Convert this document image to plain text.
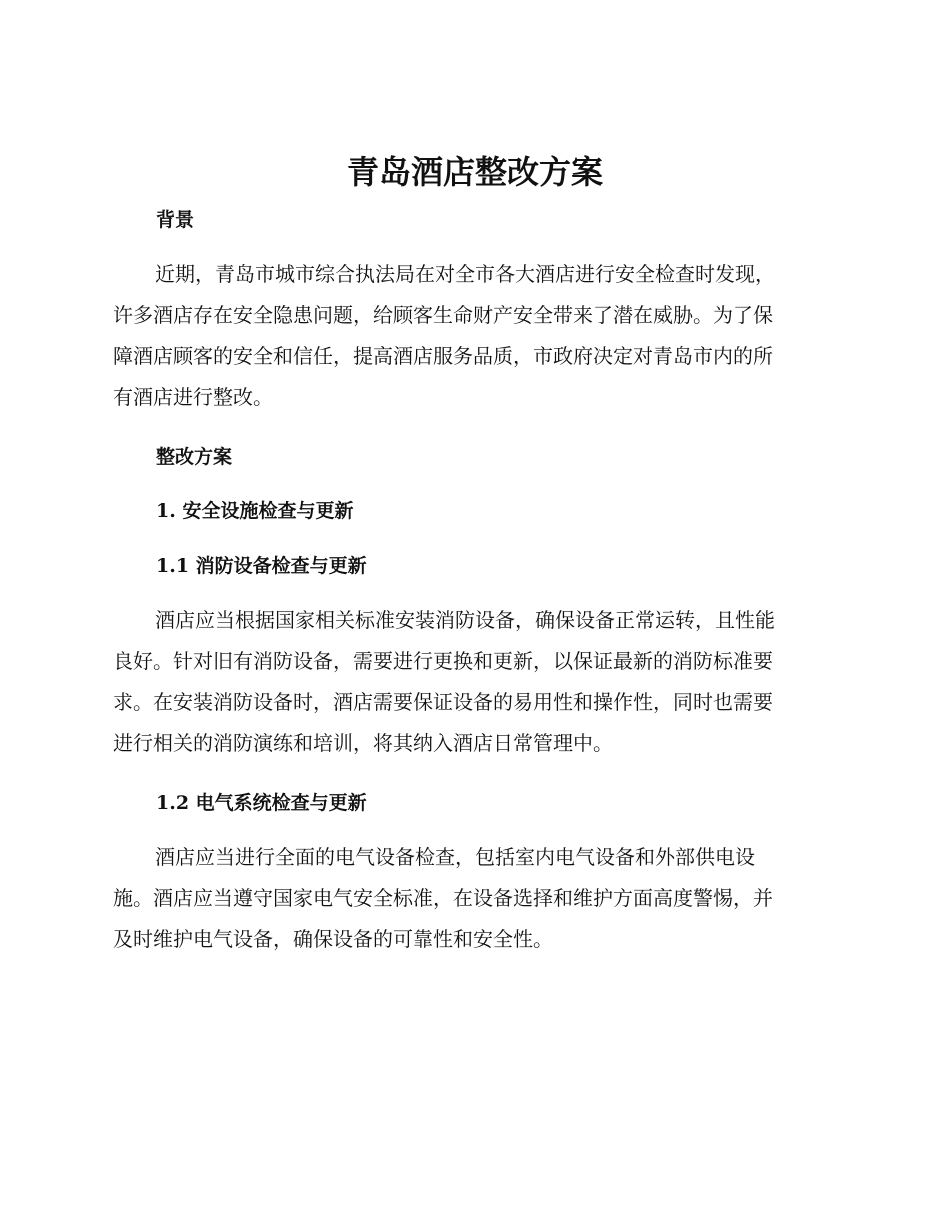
青岛酒店整改方案
背景
近期，青岛市城市综合执法局在对全市各大酒店进行安全检查时发现，
许多酒店存在安全隐患问题，给顾客生命财产安全带来了潜在威胁。为了保
障酒店顾客的安全和信任，提高酒店服务品质，市政府决定对青岛市内的所
有酒店进行整改。
整改方案
1. 安全设施检查与更新
1.1 消防设备检查与更新
酒店应当根据国家相关标准安装消防设备，确保设备正常运转，且性能
良好。针对旧有消防设备，需要进行更换和更新，以保证最新的消防标准要
求。在安装消防设备时，酒店需要保证设备的易用性和操作性，同时也需要
进行相关的消防演练和培训，将其纳入酒店日常管理中。
1.2 电气系统检查与更新
酒店应当进行全面的电气设备检查，包括室内电气设备和外部供电设
施。酒店应当遵守国家电气安全标准，在设备选择和维护方面高度警惕，并
及时维护电气设备，确保设备的可靠性和安全性。
